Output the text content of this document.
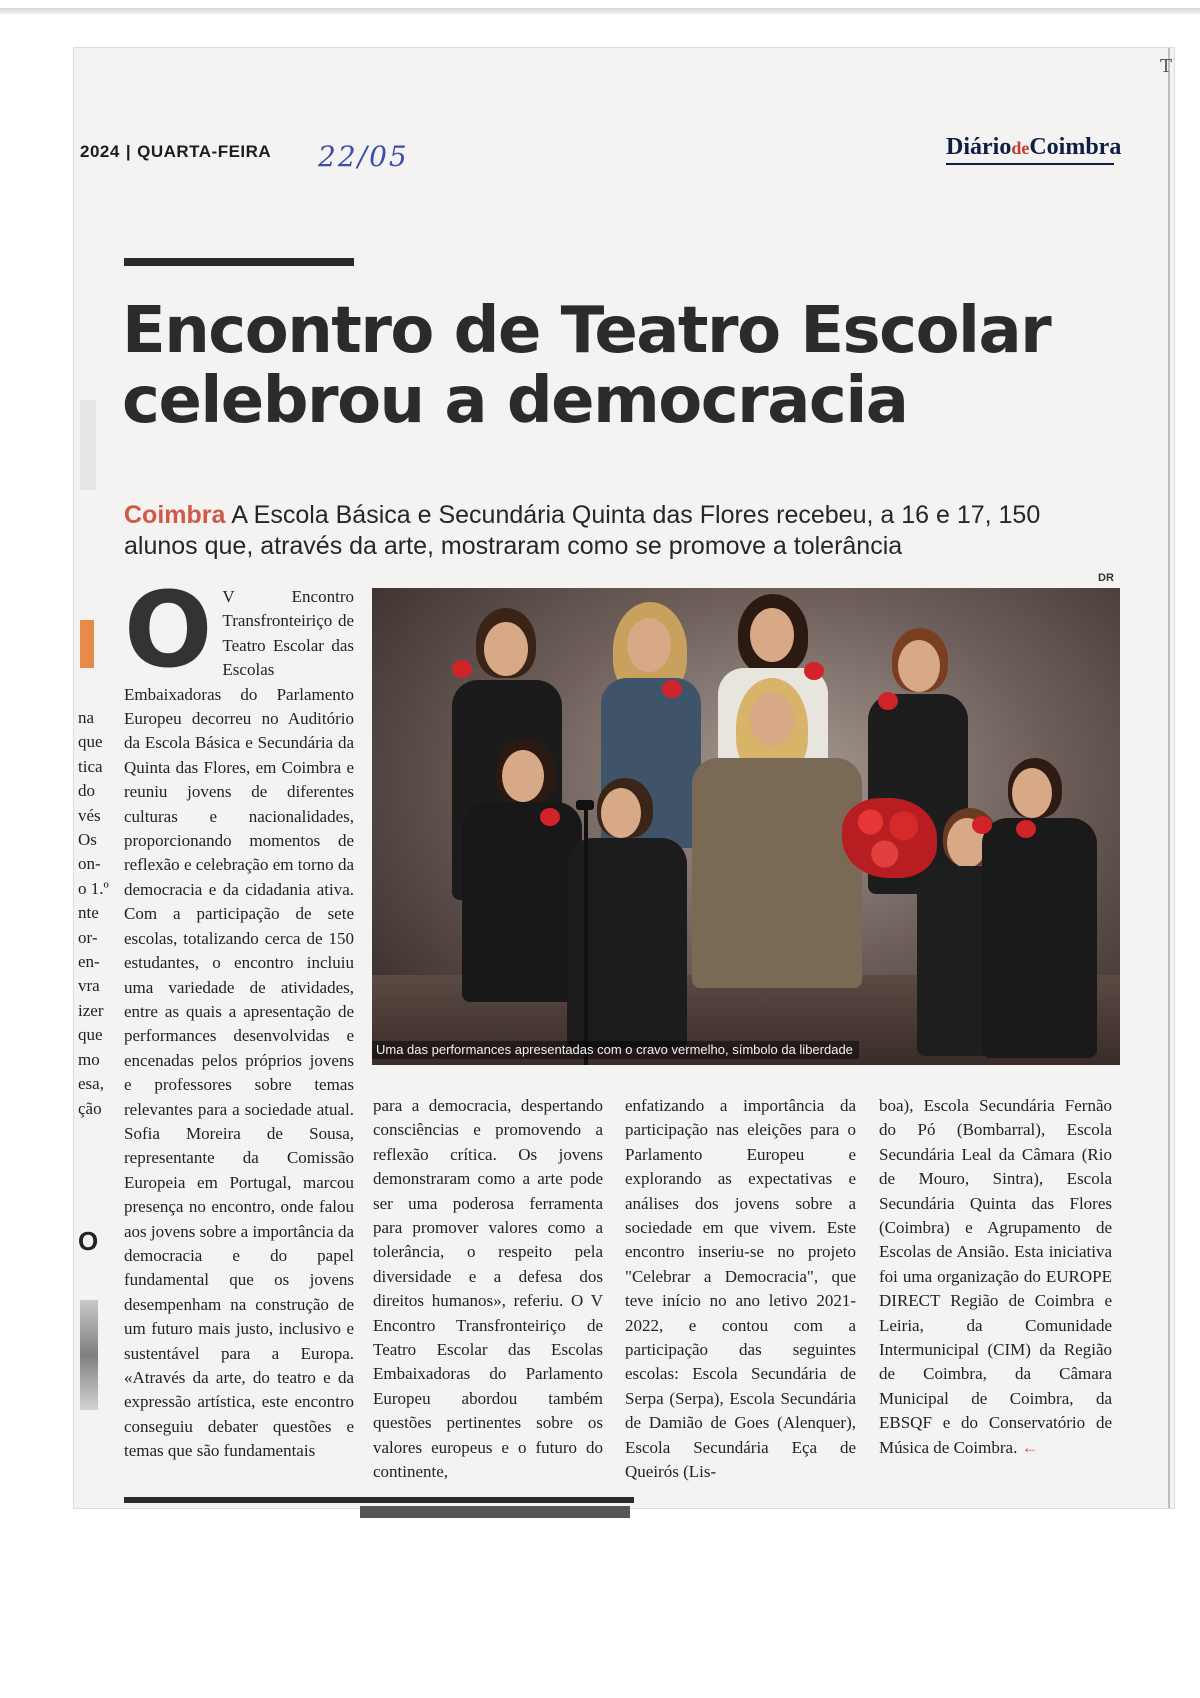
T
2024 | QUARTA-FEIRA 22/05	DiáriodeCoimbra
Encontro de Teatro Escolar
celebrou a democracia

Coimbra A Escola Básica e Secundária Quinta das Flores recebeu, a 16 e 17, 150 alunos que, através da arte, mostraram como se promove a tolerância

DR
Uma das performances apresentadas com o cravo vermelho, símbolo da liberdade

O V Encontro Transfronteiriço de Teatro Escolar das Escolas Embaixadoras do Parlamento Europeu decorreu no Auditório da Escola Básica e Secundária da Quinta das Flores, em Coimbra e reuniu jovens de diferentes culturas e nacionalidades, proporcionando momentos de reflexão e celebração em torno da democracia e da cidadania ativa. Com a participação de sete escolas, totalizando cerca de 150 estudantes, o encontro incluiu uma variedade de atividades, entre as quais a apresentação de performances desenvolvidas e encenadas pelos próprios jovens e professores sobre temas relevantes para a sociedade atual. Sofia Moreira de Sousa, representante da Comissão Europeia em Portugal, marcou presença no encontro, onde falou aos jovens sobre a importância da democracia e do papel fundamental que os jovens desempenham na construção de um futuro mais justo, inclusivo e sustentável para a Europa. «Através da arte, do teatro e da expressão artística, este encontro conseguiu debater questões e temas que são fundamentais

para a democracia, despertando consciências e promovendo a reflexão crítica. Os jovens demonstraram como a arte pode ser uma poderosa ferramenta para promover valores como a tolerância, o respeito pela diversidade e a defesa dos direitos humanos», referiu. O V Encontro Transfronteiriço de Teatro Escolar das Escolas Embaixadoras do Parlamento Europeu abordou também questões pertinentes sobre os valores europeus e o futuro do continente,

enfatizando a importância da participação nas eleições para o Parlamento Europeu e explorando as expectativas e análises dos jovens sobre a sociedade em que vivem. Este encontro inseriu-se no projeto "Celebrar a Democracia", que teve início no ano letivo 2021-2022, e contou com a participação das seguintes escolas: Escola Secundária de Serpa (Serpa), Escola Secundária de Damião de Goes (Alenquer), Escola Secundária Eça de Queirós (Lis-

boa), Escola Secundária Fernão do Pó (Bombarral), Escola Secundária Leal da Câmara (Rio de Mouro, Sintra), Escola Secundária Quinta das Flores (Coimbra) e Agrupamento de Escolas de Ansião. Esta iniciativa foi uma organização do EUROPE DIRECT Região de Coimbra e Leiria, da Comunidade Intermunicipal (CIM) da Região de Coimbra, da Câmara Municipal de Coimbra, da EBSQF e do Conservatório de Música de Coimbra. ←

na
que
tica
do
vés
Os
on-
o 1.º
nte
or-
en-
vra
izer
que
mo
esa,
ção
O
